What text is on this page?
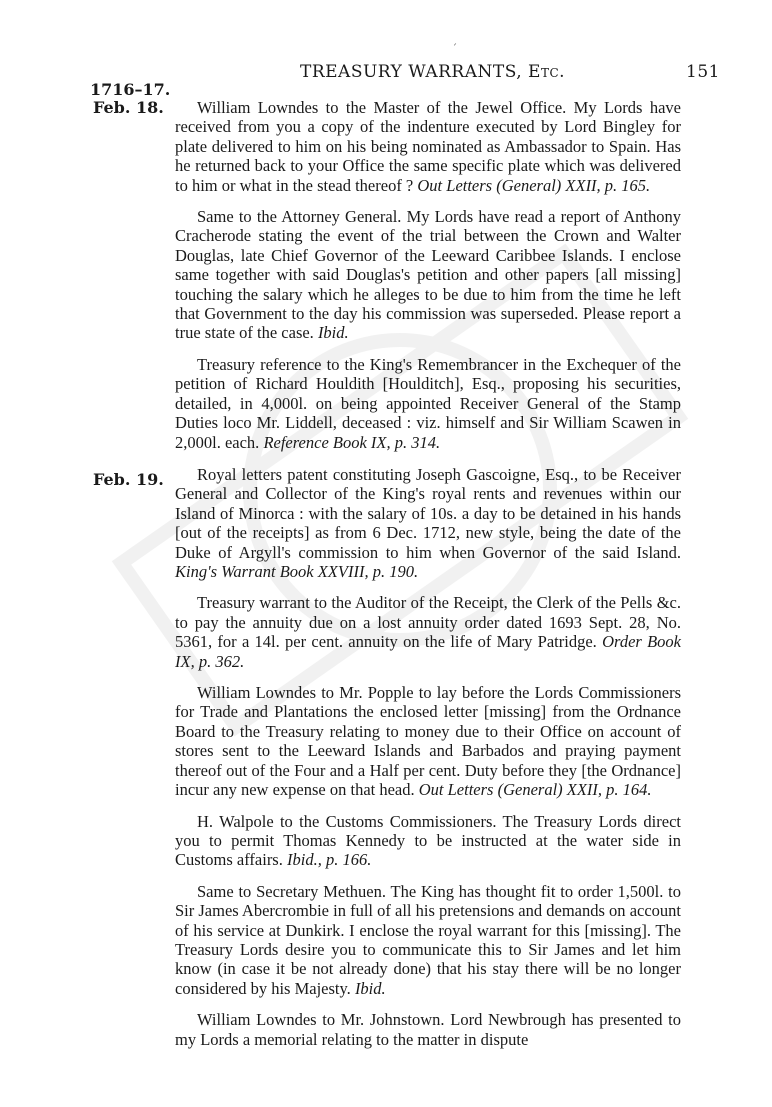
ˊ
TREASURY WARRANTS, Etc.	151
1716–17.
Feb. 18.
Feb. 19.

William Lowndes to the Master of the Jewel Office. My Lords have received from you a copy of the indenture executed by Lord Bingley for plate delivered to him on his being nominated as Ambassador to Spain. Has he returned back to your Office the same specific plate which was delivered to him or what in the stead thereof ? Out Letters (General) XXII, p. 165.

Same to the Attorney General. My Lords have read a report of Anthony Cracherode stating the event of the trial between the Crown and Walter Douglas, late Chief Governor of the Leeward Caribbee Islands. I enclose same together with said Douglas's petition and other papers [all missing] touching the salary which he alleges to be due to him from the time he left that Government to the day his commission was superseded. Please report a true state of the case. Ibid.

Treasury reference to the King's Remembrancer in the Exchequer of the petition of Richard Houldith [Houlditch], Esq., proposing his securities, detailed, in 4,000l. on being appointed Receiver General of the Stamp Duties loco Mr. Liddell, deceased : viz. himself and Sir William Scawen in 2,000l. each. Reference Book IX, p. 314.

Royal letters patent constituting Joseph Gascoigne, Esq., to be Receiver General and Collector of the King's royal rents and revenues within our Island of Minorca : with the salary of 10s. a day to be detained in his hands [out of the receipts] as from 6 Dec. 1712, new style, being the date of the Duke of Argyll's commission to him when Governor of the said Island. King's Warrant Book XXVIII, p. 190.

Treasury warrant to the Auditor of the Receipt, the Clerk of the Pells &c. to pay the annuity due on a lost annuity order dated 1693 Sept. 28, No. 5361, for a 14l. per cent. annuity on the life of Mary Patridge. Order Book IX, p. 362.

William Lowndes to Mr. Popple to lay before the Lords Commissioners for Trade and Plantations the enclosed letter [missing] from the Ordnance Board to the Treasury relating to money due to their Office on account of stores sent to the Leeward Islands and Barbados and praying payment thereof out of the Four and a Half per cent. Duty before they [the Ordnance] incur any new expense on that head. Out Letters (General) XXII, p. 164.

H. Walpole to the Customs Commissioners. The Treasury Lords direct you to permit Thomas Kennedy to be instructed at the water side in Customs affairs. Ibid., p. 166.

Same to Secretary Methuen. The King has thought fit to order 1,500l. to Sir James Abercrombie in full of all his pretensions and demands on account of his service at Dunkirk. I enclose the royal warrant for this [missing]. The Treasury Lords desire you to communicate this to Sir James and let him know (in case it be not already done) that his stay there will be no longer considered by his Majesty. Ibid.

William Lowndes to Mr. Johnstown. Lord Newbrough has presented to my Lords a memorial relating to the matter in dispute
